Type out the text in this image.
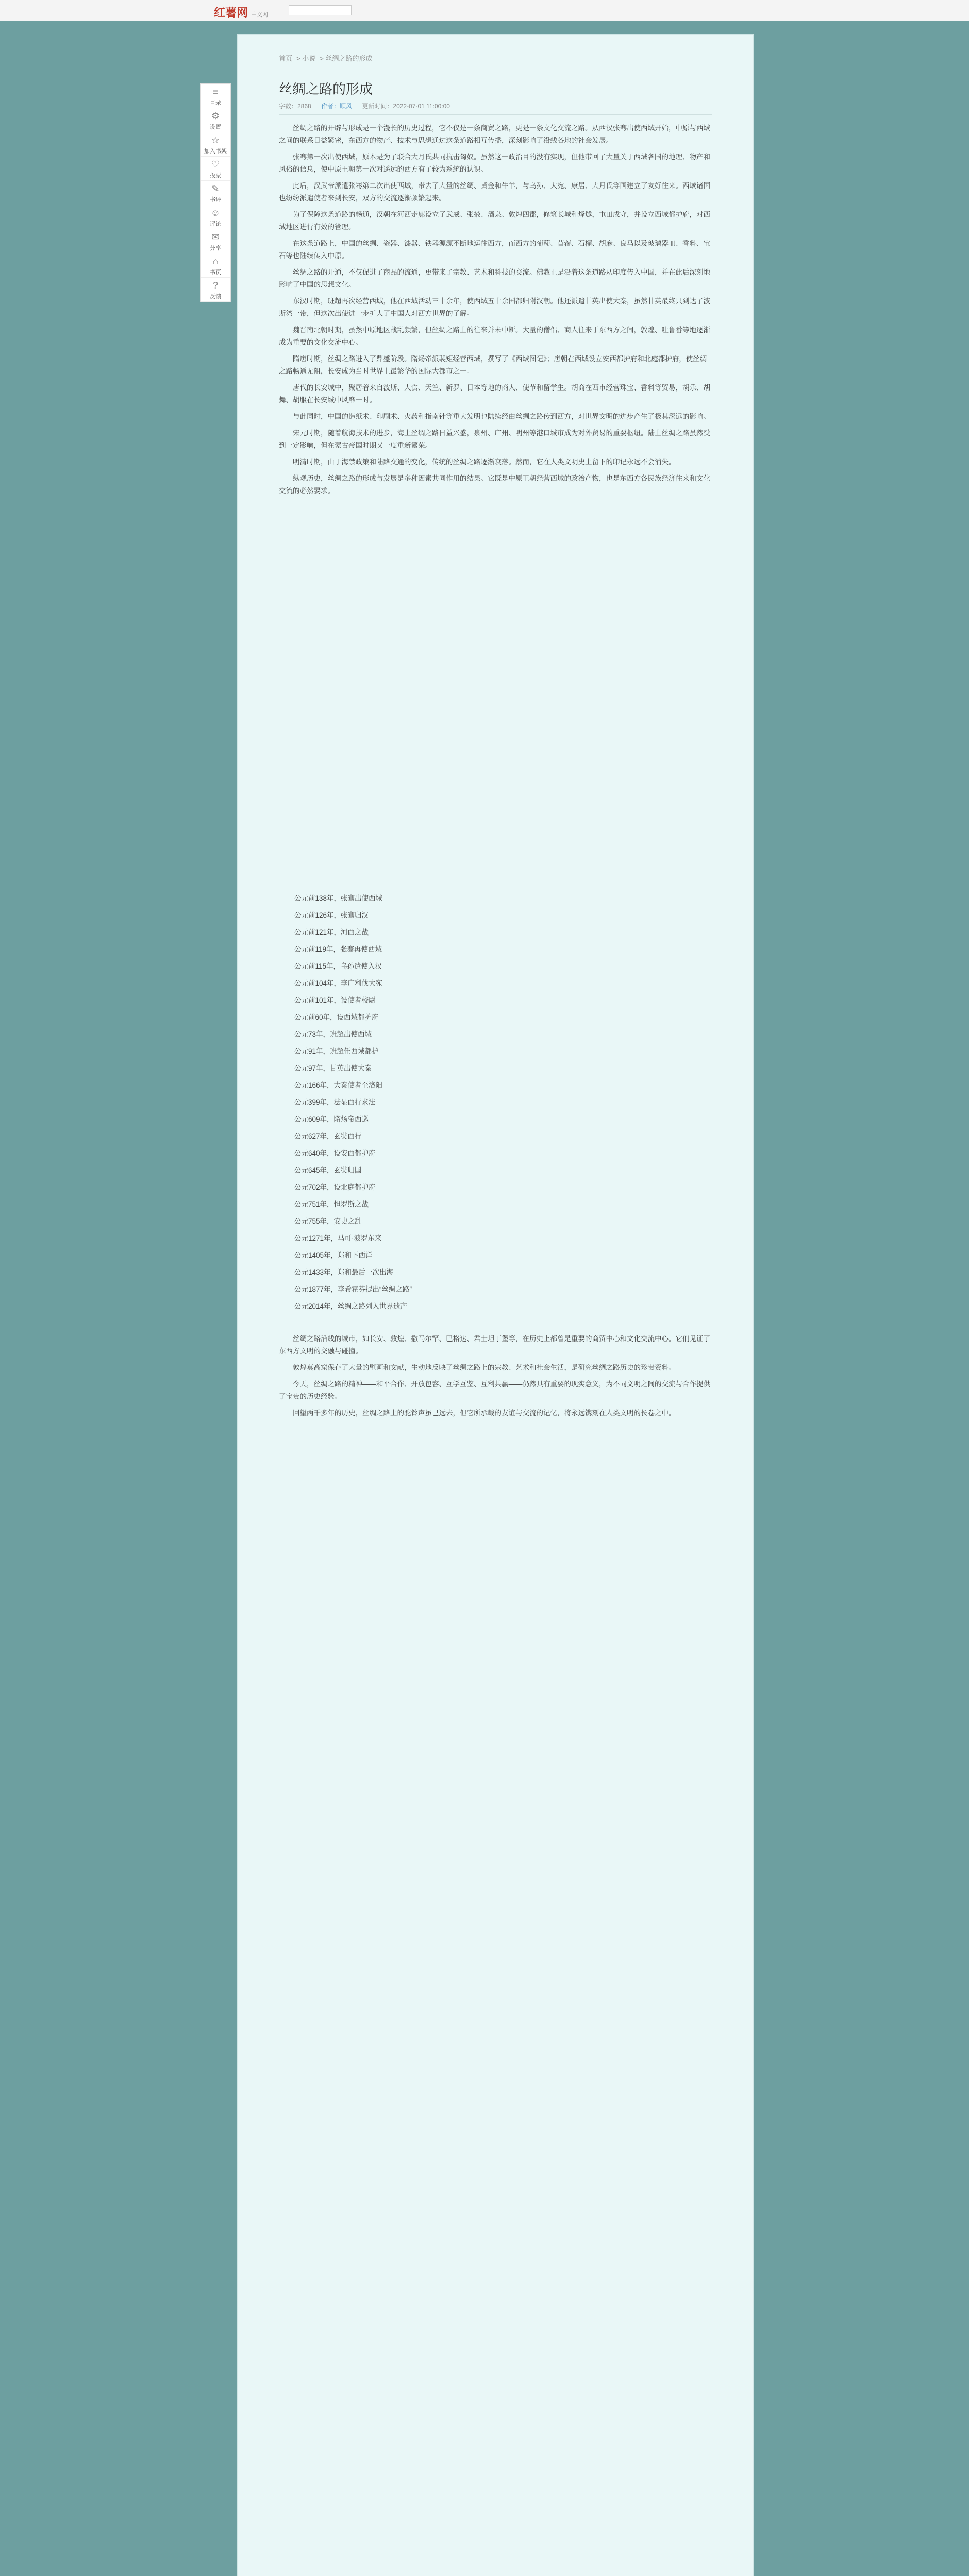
红薯网 中文网
≡
目录
⚙
设置
☆
加入书架
♡
投票
✎
书评
☺
评论
✉
分享
⌂
书页
?
反馈
首页 > 小说 > 丝绸之路的形成
丝绸之路的形成
字数：2868 作者：顺风 更新时间：2022-07-01 11:00:00

丝绸之路的开辟与形成是一个漫长的历史过程，它不仅是一条商贸之路，更是一条文化交流之路。从西汉张骞出使西域开始，中原与西域之间的联系日益紧密，东西方的物产、技术与思想通过这条道路相互传播，深刻影响了沿线各地的社会发展。

张骞第一次出使西域，原本是为了联合大月氏共同抗击匈奴。虽然这一政治目的没有实现，但他带回了大量关于西域各国的地理、物产和风俗的信息，使中原王朝第一次对遥远的西方有了较为系统的认识。

此后，汉武帝派遣张骞第二次出使西域，带去了大量的丝绸、黄金和牛羊，与乌孙、大宛、康居、大月氏等国建立了友好往来。西域诸国也纷纷派遣使者来到长安，双方的交流逐渐频繁起来。

为了保障这条道路的畅通，汉朝在河西走廊设立了武威、张掖、酒泉、敦煌四郡，修筑长城和烽燧，屯田戍守，并设立西域都护府，对西域地区进行有效的管理。

在这条道路上，中国的丝绸、瓷器、漆器、铁器源源不断地运往西方，而西方的葡萄、苜蓿、石榴、胡麻、良马以及玻璃器皿、香料、宝石等也陆续传入中原。

丝绸之路的开通，不仅促进了商品的流通，更带来了宗教、艺术和科技的交流。佛教正是沿着这条道路从印度传入中国，并在此后深刻地影响了中国的思想文化。

东汉时期，班超再次经营西域，他在西域活动三十余年，使西域五十余国都归附汉朝。他还派遣甘英出使大秦，虽然甘英最终只到达了波斯湾一带，但这次出使进一步扩大了中国人对西方世界的了解。

魏晋南北朝时期，虽然中原地区战乱频繁，但丝绸之路上的往来并未中断。大量的僧侣、商人往来于东西方之间，敦煌、吐鲁番等地逐渐成为重要的文化交流中心。

隋唐时期，丝绸之路进入了鼎盛阶段。隋炀帝派裴矩经营西域，撰写了《西域图记》；唐朝在西域设立安西都护府和北庭都护府，使丝绸之路畅通无阻，长安成为当时世界上最繁华的国际大都市之一。

唐代的长安城中，聚居着来自波斯、大食、天竺、新罗、日本等地的商人、使节和留学生。胡商在西市经营珠宝、香料等贸易，胡乐、胡舞、胡服在长安城中风靡一时。

与此同时，中国的造纸术、印刷术、火药和指南针等重大发明也陆续经由丝绸之路传到西方，对世界文明的进步产生了极其深远的影响。

宋元时期，随着航海技术的进步，海上丝绸之路日益兴盛，泉州、广州、明州等港口城市成为对外贸易的重要枢纽。陆上丝绸之路虽然受到一定影响，但在蒙古帝国时期又一度重新繁荣。

明清时期，由于海禁政策和陆路交通的变化，传统的丝绸之路逐渐衰落。然而，它在人类文明史上留下的印记永远不会消失。

纵观历史，丝绸之路的形成与发展是多种因素共同作用的结果。它既是中原王朝经营西域的政治产物，也是东西方各民族经济往来和文化交流的必然要求。

公元前138年，张骞出使西域
公元前126年，张骞归汉
公元前121年，河西之战
公元前119年，张骞再使西域
公元前115年，乌孙遣使入汉
公元前104年，李广利伐大宛
公元前101年，设使者校尉
公元前60年，设西域都护府
公元73年，班超出使西域
公元91年，班超任西域都护
公元97年，甘英出使大秦
公元166年，大秦使者至洛阳
公元399年，法显西行求法
公元609年，隋炀帝西巡
公元627年，玄奘西行
公元640年，设安西都护府
公元645年，玄奘归国
公元702年，设北庭都护府
公元751年，怛罗斯之战
公元755年，安史之乱
公元1271年，马可·波罗东来
公元1405年，郑和下西洋
公元1433年，郑和最后一次出海
公元1877年，李希霍芬提出“丝绸之路”
公元2014年，丝绸之路列入世界遗产

丝绸之路沿线的城市，如长安、敦煌、撒马尔罕、巴格达、君士坦丁堡等，在历史上都曾是重要的商贸中心和文化交流中心。它们见证了东西方文明的交融与碰撞。

敦煌莫高窟保存了大量的壁画和文献，生动地反映了丝绸之路上的宗教、艺术和社会生活，是研究丝绸之路历史的珍贵资料。

今天，丝绸之路的精神——和平合作、开放包容、互学互鉴、互利共赢——仍然具有重要的现实意义，为不同文明之间的交流与合作提供了宝贵的历史经验。

回望两千多年的历史，丝绸之路上的驼铃声虽已远去，但它所承载的友谊与交流的记忆，将永远镌刻在人类文明的长卷之中。
